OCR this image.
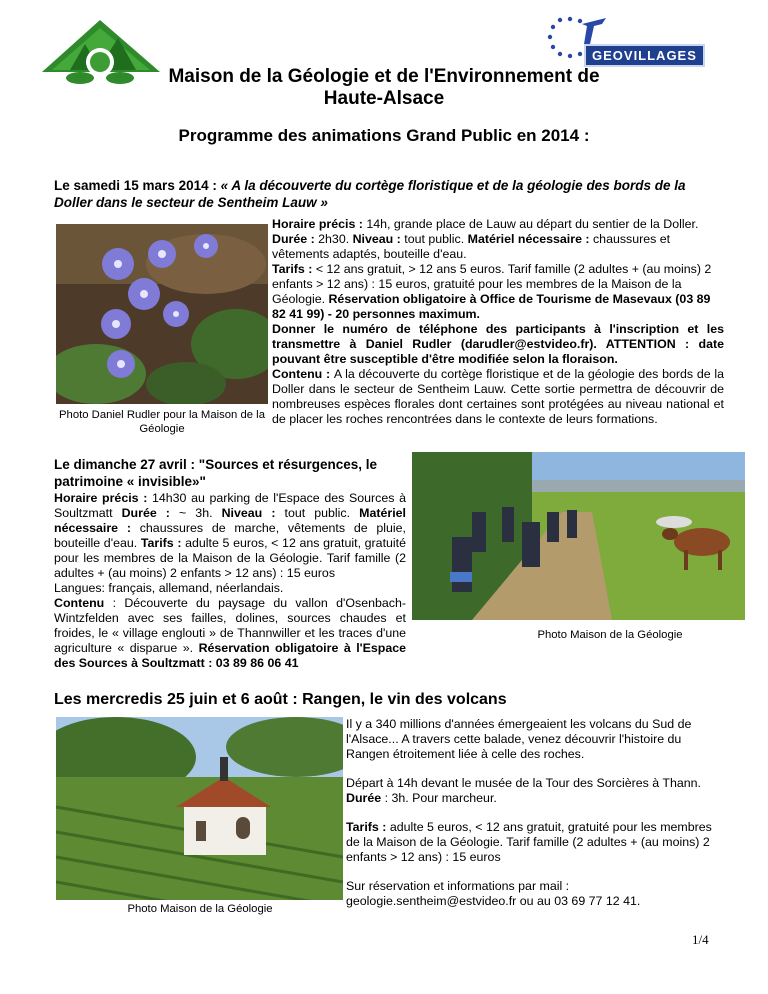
GEOVILLAGES
Maison de la Géologie et de l'Environnement de
Haute-Alsace
Programme des animations Grand Public en 2014 :
Le samedi 15 mars 2014 : « A la découverte du cortège floristique et de la géologie des bords de la Doller dans le secteur de Sentheim Lauw »
Photo Daniel Rudler pour la Maison de la Géologie

Horaire précis : 14h, grande place de Lauw au départ du sentier de la Doller.

Durée : 2h30. Niveau : tout public. Matériel nécessaire : chaussures et vêtements adaptés, bouteille d'eau.

Tarifs : < 12 ans gratuit, > 12 ans 5 euros. Tarif famille (2 adultes + (au moins) 2 enfants > 12 ans) : 15 euros, gratuité pour les membres de la Maison de la Géologie. Réservation obligatoire à Office de Tourisme de Masevaux (03 89 82 41 99) - 20 personnes maximum.

Donner le numéro de téléphone des participants à l'inscription et les transmettre à Daniel Rudler (darudler@estvideo.fr). ATTENTION : date pouvant être susceptible d'être modifiée selon la floraison.

Contenu : A la découverte du cortège floristique et de la géologie des bords de la Doller dans le secteur de Sentheim Lauw. Cette sortie permettra de découvrir de nombreuses espèces florales dont certaines sont protégées au niveau national et de placer les roches rencontrées dans le contexte de leurs formations.

Le dimanche 27 avril : "Sources et résurgences, le patrimoine « invisible»"

Horaire précis : 14h30 au parking de l'Espace des Sources à Soultzmatt Durée : ~ 3h. Niveau : tout public. Matériel nécessaire : chaussures de marche, vêtements de pluie, bouteille d'eau. Tarifs : adulte 5 euros, < 12 ans gratuit, gratuité pour les membres de la Maison de la Géologie. Tarif famille (2 adultes + (au moins) 2 enfants > 12 ans) : 15 euros

Langues: français, allemand, néerlandais.

Contenu : Découverte du paysage du vallon d'Osenbach-Wintzfelden avec ses failles, dolines, sources chaudes et froides, le « village englouti » de Thannwiller et les traces d'une agriculture « disparue ». Réservation obligatoire à l'Espace des Sources à Soultzmatt : 03 89 86 06 41

Photo Maison de la Géologie
Les mercredis 25 juin et 6 août : Rangen, le vin des volcans
Photo Maison de la Géologie

Il y a 340 millions d'années émergeaient les volcans du Sud de l'Alsace... A travers cette balade, venez découvrir l'histoire du Rangen étroitement liée à celle des roches.

Départ à 14h devant le musée de la Tour des Sorcières à Thann. Durée : 3h. Pour marcheur.

Tarifs : adulte 5 euros, < 12 ans gratuit, gratuité pour les membres de la Maison de la Géologie. Tarif famille (2 adultes + (au moins) 2 enfants > 12 ans) : 15 euros

Sur réservation et informations par mail : geologie.sentheim@estvideo.fr ou au 03 69 77 12 41.

1/4
